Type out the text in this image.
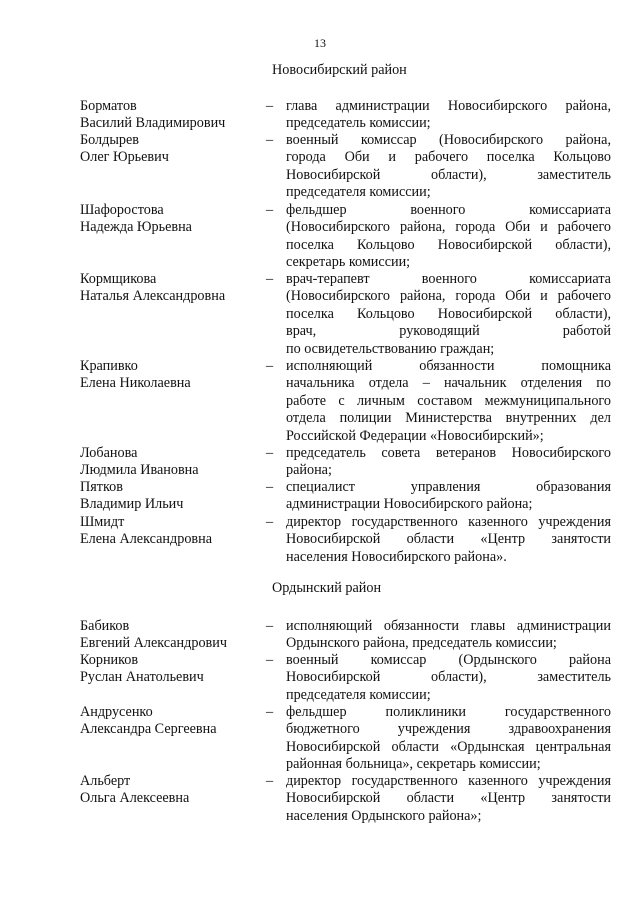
13
Новосибирский район
Борматов
Василий Владимирович
– глава администрации Новосибирского района,
председатель комиссии;
Болдырев
Олег Юрьевич
– военный комиссар (Новосибирского района,
города Оби и рабочего поселка Кольцово
Новосибирской области), заместитель
председателя комиссии;
Шафоростова
Надежда Юрьевна
– фельдшер военного комиссариата
(Новосибирского района, города Оби и рабочего
поселка Кольцово Новосибирской области),
секретарь комиссии;
Кормщикова
Наталья Александровна
– врач-терапевт военного комиссариата
(Новосибирского района, города Оби и рабочего
поселка Кольцово Новосибирской области),
врач, руководящий работой
по освидетельствованию граждан;
Крапивко
Елена Николаевна
– исполняющий обязанности помощника
начальника отдела – начальник отделения по
работе с личным составом межмуниципального
отдела полиции Министерства внутренних дел
Российской Федерации «Новосибирский»;
Лобанова
Людмила Ивановна
– председатель совета ветеранов Новосибирского
района;
Пятков
Владимир Ильич
– специалист управления образования
администрации Новосибирского района;
Шмидт
Елена Александровна
– директор государственного казенного учреждения
Новосибирской области «Центр занятости
населения Новосибирского района».
Ордынский район
Бабиков
Евгений Александрович
– исполняющий обязанности главы администрации
Ордынского района, председатель комиссии;
Корников
Руслан Анатольевич
– военный комиссар (Ордынского района
Новосибирской области), заместитель
председателя комиссии;
Андрусенко
Александра Сергеевна
– фельдшер поликлиники государственного
бюджетного учреждения здравоохранения
Новосибирской области «Ордынская центральная
районная больница», секретарь комиссии;
Альберт
Ольга Алексеевна
– директор государственного казенного учреждения
Новосибирской области «Центр занятости
населения Ордынского района»;
